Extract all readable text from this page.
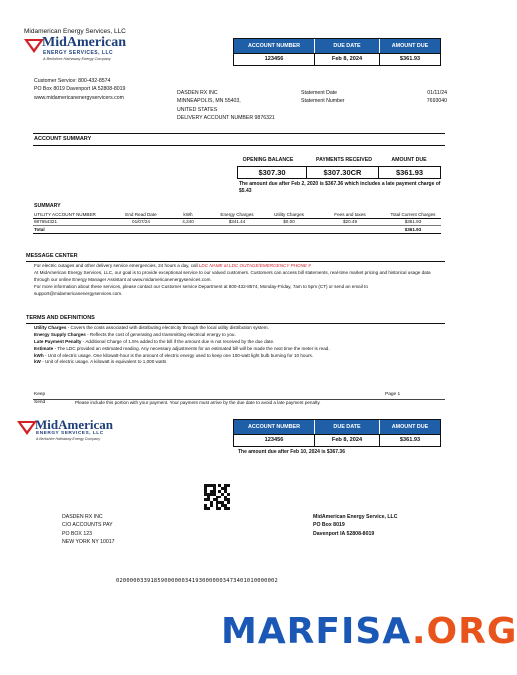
Midamerican Energy Services, LLC
MidAmerican
ENERGY SERVICES, LLC
A Berkshire Hathaway Energy Company
ACCOUNT NUMBER	DUE DATE	AMOUNT DUE
123456	Feb 8, 2024	$361.93
Customer Service: 800-432-8574
PO Box 8019 Davenport IA 52808-8019
www.midamericanenergyservicers.com
DASDEN RX INC
MINNEAPOLIS, MN 55403,
UNITED STATES
DELIVERY ACCOUNT NUMBER 9876321
Statement Date	01/11/24
Statement Number	7693040
ACCOUNT SUMMARY
OPENING BALANCE	PAYMENTS RECEIVED	AMOUNT DUE
$307.30	$307.30CR	$361.93
The amount due after Feb 2, 2020 is $367.36 which includes a late payment charge of $5.43
SUMMARY
UTILITY ACCOUNT NUMBER	End Read Date	kWh	Energy Charges	Utility Charges	Fees and taxes	Total Current Charges
987654321	01/07/24	4,240	$341.44	$0.00	$20.49	$361.93
Total						$361.93
MESSAGE CENTER
For electric outages and other delivery service emergencies, 24 hours a day, call LDC NAME at LDC OUTAGE/EMERGENCY PHONE #
At MidAmerican Energy Services, LLC, our goal is to provide exceptional service to our valued customers. Customers can access bill statements, real-time market pricing and historical usage data through our online Energy Manager Assistant at www.midamericanenergyservices.com.
For more information about these services, please contact our Customer service Department at 800-432-8574, Monday-Friday, 7am to 5pm (CT) or send an email to support@midamericanenergyservices.com.
TERMS AND DEFINITIONS
Utility Charges - Covers the costs associated with distributing electricity through the local utility distribution system.
Energy Supply Charges - Reflects the cost of generating and transmitting electrical energy to you.
Late Payment Penalty - Additional Charge of 1.5% added to the bill if the amount due is not received by the due date.
Estimate - The LDC provided an estimated reading. Any necessary adjustments for an estimated bill will be made the next time the meter is read.
kWh - Unit of electric usage. One kilowatt-hour is the amount of electric energy used to keep one 100-watt light bulb burning for 10 hours.
kW - Unit of electric usage. A kilowatt is equivalent to 1,000 watts
Keep	Page 1
Send	Please include this portion with your payment. Your payment must arrive by the due date to avoid a late payment penalty.
MidAmerican
ENERGY SERVICES, LLC
A Berkshire Hathaway Energy Company
ACCOUNT NUMBER	DUE DATE	AMOUNT DUE
123456	Feb 8, 2024	$361.93
The amount due after Feb 10, 2024 is $367.36
DASDEN RX INC
C/O ACCOUNTS PAY
PO BOX 123
NEW YORK NY 10017
MidAmerican Energy Service, LLC
PO Box 8019
Davenport IA 52808-8019
02000003391859000000341930000003473401010000002
MARFISA.ORG
